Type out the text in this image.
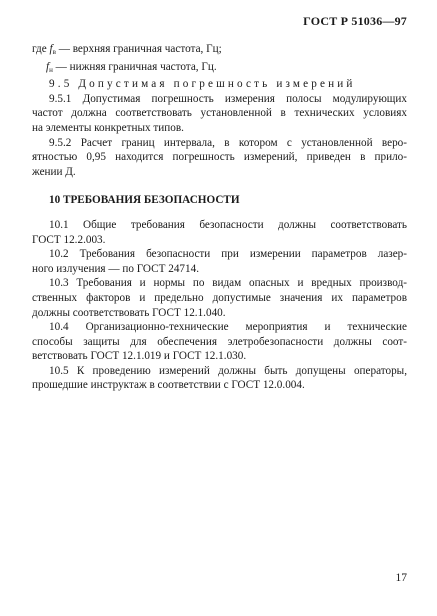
ГОСТ Р 51036—97
где $f_в$ — верхняя граничная частота, Гц;
$f_н$ — нижняя граничная частота, Гц.
9.5 Допустимая погрешность измерений
9.5.1 Допустимая погрешность измерения полосы модулирующих
частот должна соответствовать установленной в технических условиях
на элементы конкретных типов.
9.5.2 Расчет границ интервала, в котором с установленной веро-
ятностью 0,95 находится погрешность измерений, приведен в прило-
жении Д.
10 ТРЕБОВАНИЯ БЕЗОПАСНОСТИ
10.1 Общие требования безопасности должны соответствовать
ГОСТ 12.2.003.
10.2 Требования безопасности при измерении параметров лазер-
ного излучения — по ГОСТ 24714.
10.3 Требования и нормы по видам опасных и вредных производ-
ственных факторов и предельно допустимые значения их параметров
должны соответствовать ГОСТ 12.1.040.
10.4 Организационно-технические мероприятия и технические
способы защиты для обеспечения элетробезопасности должны соот-
ветствовать ГОСТ 12.1.019 и ГОСТ 12.1.030.
10.5 К проведению измерений должны быть допущены операторы,
прошедшие инструктаж в соответствии с ГОСТ 12.0.004.
17
